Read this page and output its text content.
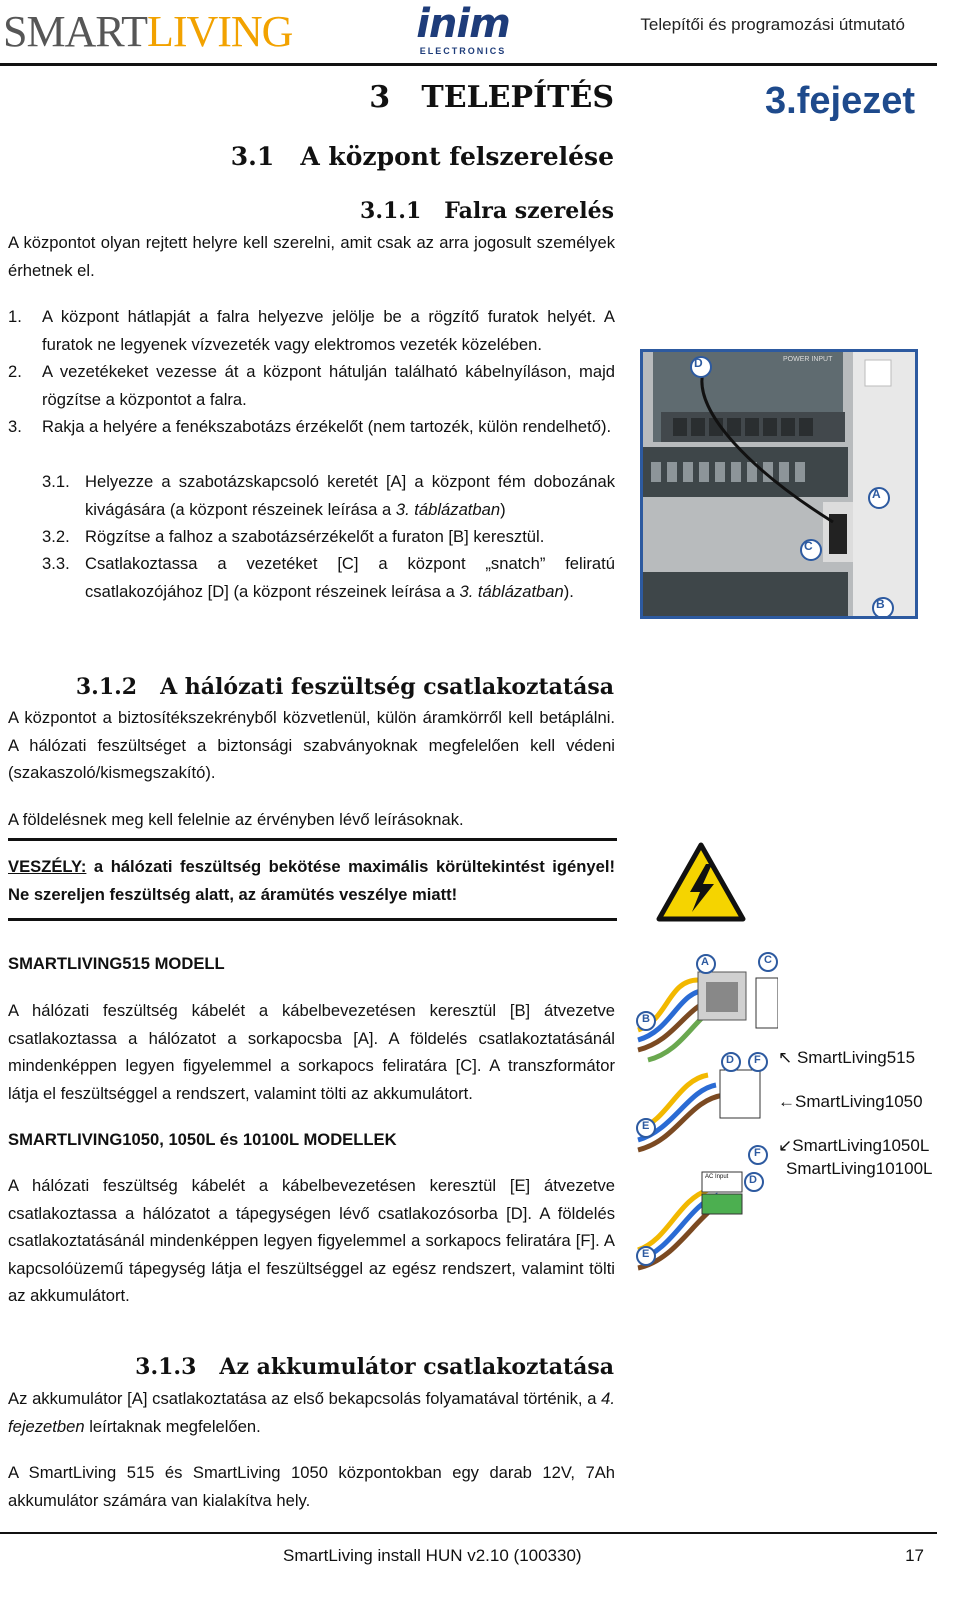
SMARTLIVING	inim
ELECTRONICS
Telepítői és programozási útmutató
3   TELEPÍTÉS	3.fejezet
3.1   A központ felszerelése
3.1.1   Falra szerelés
A központot olyan rejtett helyre kell szerelni, amit csak az arra jogosult személyek érhetnek el.
1. A központ hátlapját a falra helyezve jelölje be a rögzítő furatok helyét. A furatok ne legyenek vízvezeték vagy elektromos vezeték közelében.
2. A vezetékeket vezesse át a központ hátulján található kábelnyíláson, majd rögzítse a központot a falra.
3. Rakja a helyére a fenékszabotázs érzékelőt (nem tartozék, külön rendelhető).
3.1. Helyezze a szabotázskapcsoló keretét [A] a központ fém dobozának kivágására (a központ részeinek leírása a 3. táblázatban)
3.2. Rögzítse a falhoz a szabotázsérzékelőt a furaton [B] keresztül.
3.3. Csatlakoztassa a vezetéket [C] a központ „snatch” feliratú csatlakozójához [D] (a központ részeinek leírása a 3. táblázatban).
D
A
C
B
POWER INPUT
3.1.2   A hálózati feszültség csatlakoztatása
A központot a biztosítékszekrényből közvetlenül, külön áramkörről kell betáplálni. A hálózati feszültséget a biztonsági szabványoknak megfelelően kell védeni (szakaszoló/kismegszakító).
A földelésnek meg kell felelnie az érvényben lévő leírásoknak.
VESZÉLY: a hálózati feszültség bekötése maximális körültekintést igényel! Ne szereljen feszültség alatt, az áramütés veszélye miatt!
SMARTLIVING515 MODELL
A hálózati feszültség kábelét a kábelbevezetésen keresztül [B] átvezetve csatlakoztassa a hálózatot a sorkapocsba [A]. A földelés csatlakoztatásánál mindenképpen legyen figyelemmel a sorkapocs feliratára [C]. A transzformátor látja el feszültséggel a rendszert, valamint tölti az akkumulátort.
SMARTLIVING1050, 1050L és 10100L MODELLEK
A hálózati feszültség kábelét a kábelbevezetésen keresztül [E] átvezetve csatlakoztassa a hálózatot a tápegységen lévő csatlakozósorba [D]. A földelés csatlakoztatásánál mindenképpen legyen figyelemmel a sorkapocs feliratára [F]. A kapcsolóüzemű tápegység látja el feszültséggel az egész rendszert, valamint tölti az akkumulátort.
A
B
C
D F
E
F
D
E
AC Input
↖ SmartLiving515
←SmartLiving1050
↙SmartLiving1050L
SmartLiving10100L
3.1.3   Az akkumulátor csatlakoztatása
Az akkumulátor [A] csatlakoztatása az első bekapcsolás folyamatával történik, a 4. fejezetben leírtaknak megfelelően.
A SmartLiving 515 és SmartLiving 1050 központokban egy darab 12V, 7Ah akkumulátor számára van kialakítva hely.
SmartLiving install HUN v2.10 (100330)	17
